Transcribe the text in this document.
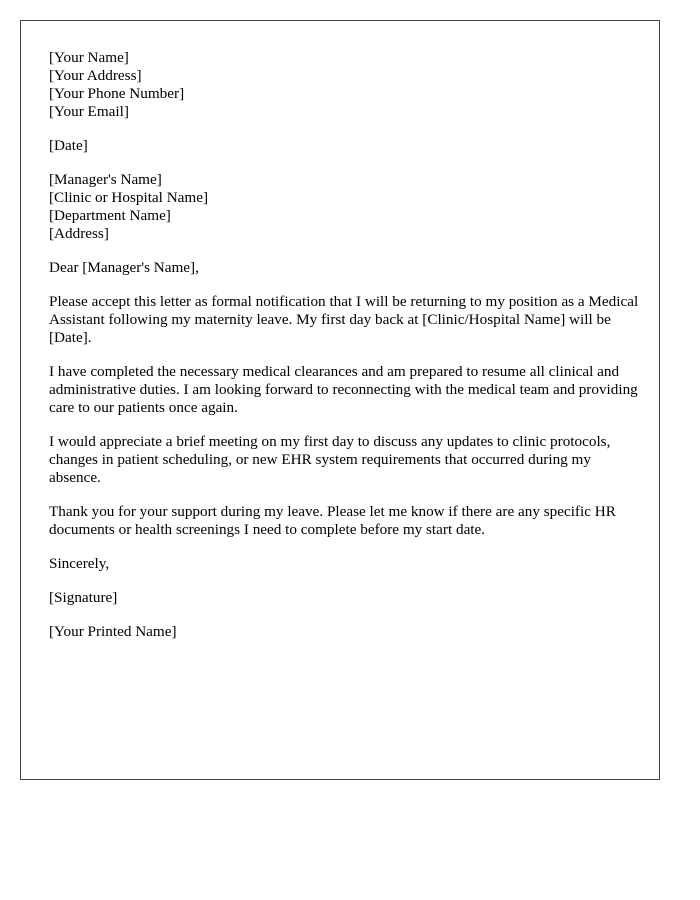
[Your Name]
[Your Address]
[Your Phone Number]
[Your Email]
[Date]
[Manager's Name]
[Clinic or Hospital Name]
[Department Name]
[Address]

Dear [Manager's Name],

Please accept this letter as formal notification that I will be returning to my position as a Medical Assistant following my maternity leave. My first day back at [Clinic/Hospital Name] will be [Date].

I have completed the necessary medical clearances and am prepared to resume all clinical and administrative duties. I am looking forward to reconnecting with the medical team and providing care to our patients once again.

I would appreciate a brief meeting on my first day to discuss any updates to clinic protocols, changes in patient scheduling, or new EHR system requirements that occurred during my absence.

Thank you for your support during my leave. Please let me know if there are any specific HR documents or health screenings I need to complete before my start date.

Sincerely,

[Signature]

[Your Printed Name]
